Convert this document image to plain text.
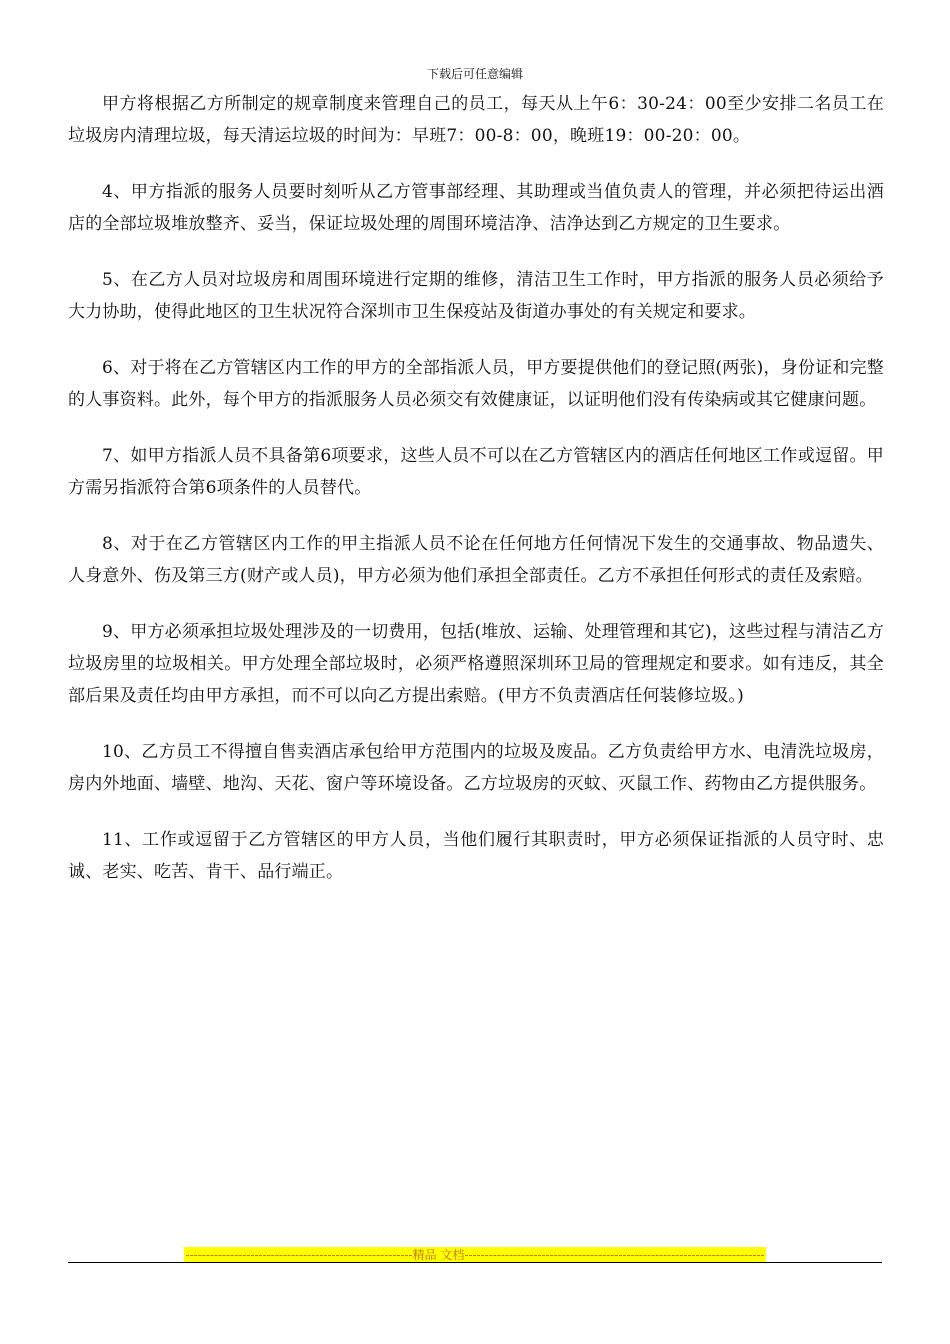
下载后可任意编辑

甲方将根据乙方所制定的规章制度来管理自己的员工，每天从上午6：30-24：00至少安排二名员工在垃圾房内清理垃圾，每天清运垃圾的时间为：早班7：00-8：00，晚班19：00-20：00。

4、甲方指派的服务人员要时刻听从乙方管事部经理、其助理或当值负责人的管理，并必须把待运出酒店的全部垃圾堆放整齐、妥当，保证垃圾处理的周围环境洁净、洁净达到乙方规定的卫生要求。

5、在乙方人员对垃圾房和周围环境进行定期的维修，清洁卫生工作时，甲方指派的服务人员必须给予大力协助，使得此地区的卫生状况符合深圳市卫生保疫站及街道办事处的有关规定和要求。

6、对于将在乙方管辖区内工作的甲方的全部指派人员，甲方要提供他们的登记照(两张)，身份证和完整的人事资料。此外，每个甲方的指派服务人员必须交有效健康证，以证明他们没有传染病或其它健康问题。

7、如甲方指派人员不具备第6项要求，这些人员不可以在乙方管辖区内的酒店任何地区工作或逗留。甲方需另指派符合第6项条件的人员替代。

8、对于在乙方管辖区内工作的甲主指派人员不论在任何地方任何情况下发生的交通事故、物品遗失、人身意外、伤及第三方(财产或人员)，甲方必须为他们承担全部责任。乙方不承担任何形式的责任及索赔。

9、甲方必须承担垃圾处理涉及的一切费用，包括(堆放、运输、处理管理和其它)，这些过程与清洁乙方垃圾房里的垃圾相关。甲方处理全部垃圾时，必须严格遵照深圳环卫局的管理规定和要求。如有违反，其全部后果及责任均由甲方承担，而不可以向乙方提出索赔。(甲方不负责酒店任何装修垃圾。)

10、乙方员工不得擅自售卖酒店承包给甲方范围内的垃圾及废品。乙方负责给甲方水、电清洗垃圾房，房内外地面、墙壁、地沟、天花、窗户等环境设备。乙方垃圾房的灭蚊、灭鼠工作、药物由乙方提供服务。

11、工作或逗留于乙方管辖区的甲方人员，当他们履行其职责时，甲方必须保证指派的人员守时、忠诚、老实、吃苦、肯干、品行端正。

--------------------------------------------------------精品 文档--------------------------------------------------------------------------
